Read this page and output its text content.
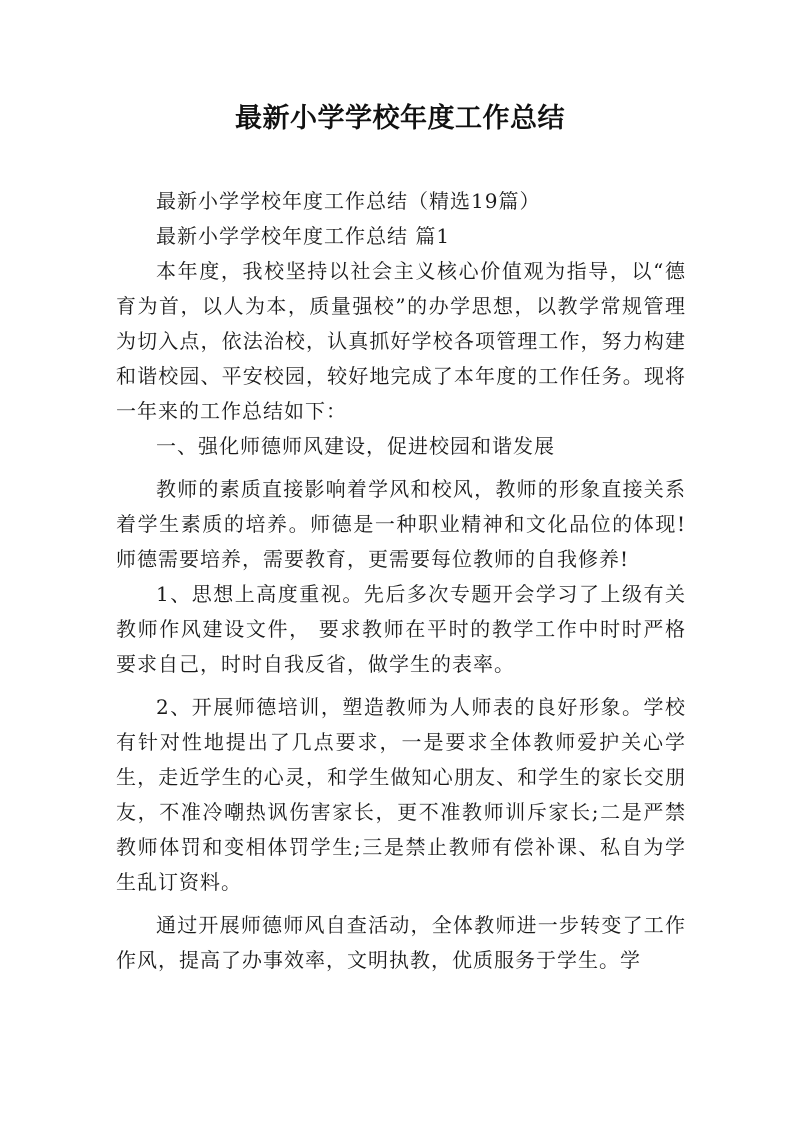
最新小学学校年度工作总结

最新小学学校年度工作总结（精选19篇）

最新小学学校年度工作总结 篇1

本年度，我校坚持以社会主义核心价值观为指导，以“德育为首，以人为本，质量强校”的办学思想，以教学常规管理为切入点，依法治校，认真抓好学校各项管理工作，努力构建和谐校园、平安校园，较好地完成了本年度的工作任务。现将一年来的工作总结如下：

一、强化师德师风建设，促进校园和谐发展

教师的素质直接影响着学风和校风，教师的形象直接关系着学生素质的培养。师德是一种职业精神和文化品位的体现!师德需要培养，需要教育，更需要每位教师的自我修养!

1、思想上高度重视。先后多次专题开会学习了上级有关教师作风建设文件， 要求教师在平时的教学工作中时时严格要求自己，时时自我反省，做学生的表率。

2、开展师德培训，塑造教师为人师表的良好形象。学校有针对性地提出了几点要求，一是要求全体教师爱护关心学生，走近学生的心灵，和学生做知心朋友、和学生的家长交朋友，不准冷嘲热讽伤害家长，更不准教师训斥家长;二是严禁教师体罚和变相体罚学生;三是禁止教师有偿补课、私自为学生乱订资料。

通过开展师德师风自查活动，全体教师进一步转变了工作作风，提高了办事效率，文明执教，优质服务于学生。学
